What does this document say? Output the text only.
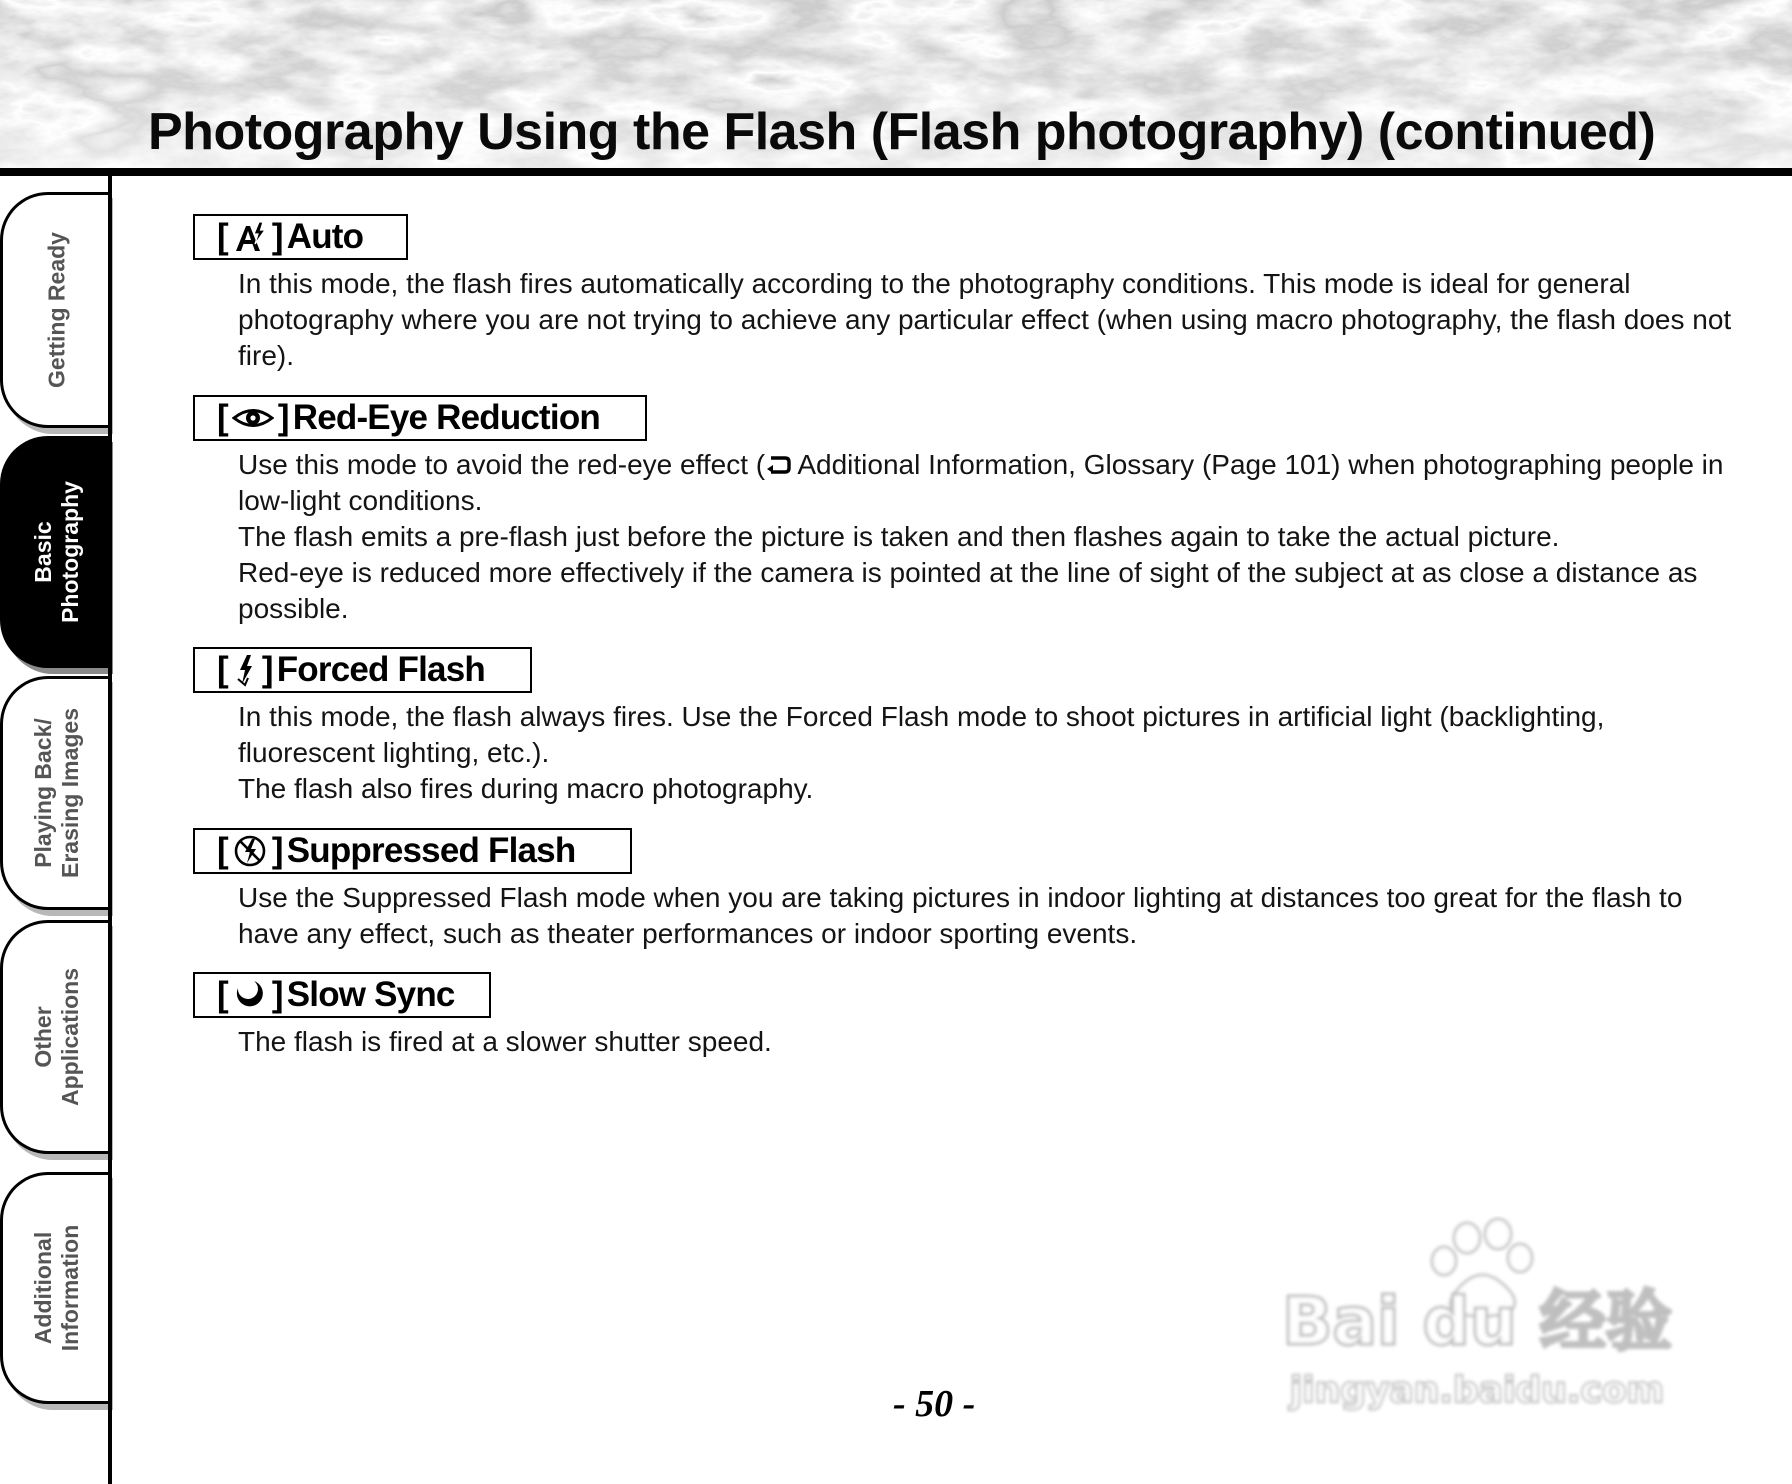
Photography Using the Flash (Flash photography) (continued)
Getting Ready
Basic Photography
Playing Back/ Erasing Images
Other Applications
Additional Information
[ ] Auto

In this mode, the flash fires automatically according to the photography conditions. This mode is ideal for general photography where you are not trying to achieve any particular effect (when using macro photography, the flash does not fire).

[ ] Red-Eye Reduction

Use this mode to avoid the red-eye effect (
Additional Information, Glossary (Page 101) when photographing people in low-light conditions.

The flash emits a pre-flash just before the picture is taken and then flashes again to take the actual picture.

Red-eye is reduced more effectively if the camera is pointed at the line of sight of the subject at as close a distance as possible.

[ ] Forced Flash

In this mode, the flash always fires. Use the Forced Flash mode to shoot pictures in artificial light (backlighting, fluorescent lighting, etc.).

The flash also fires during macro photography.

[ ] Suppressed Flash

Use the Suppressed Flash mode when you are taking pictures in indoor lighting at distances too great for the flash to have any effect, such as theater performances or indoor sporting events.

[ ] Slow Sync

The flash is fired at a slower shutter speed.

- 50 -
Bai du 经验
jingyan.baidu.com
